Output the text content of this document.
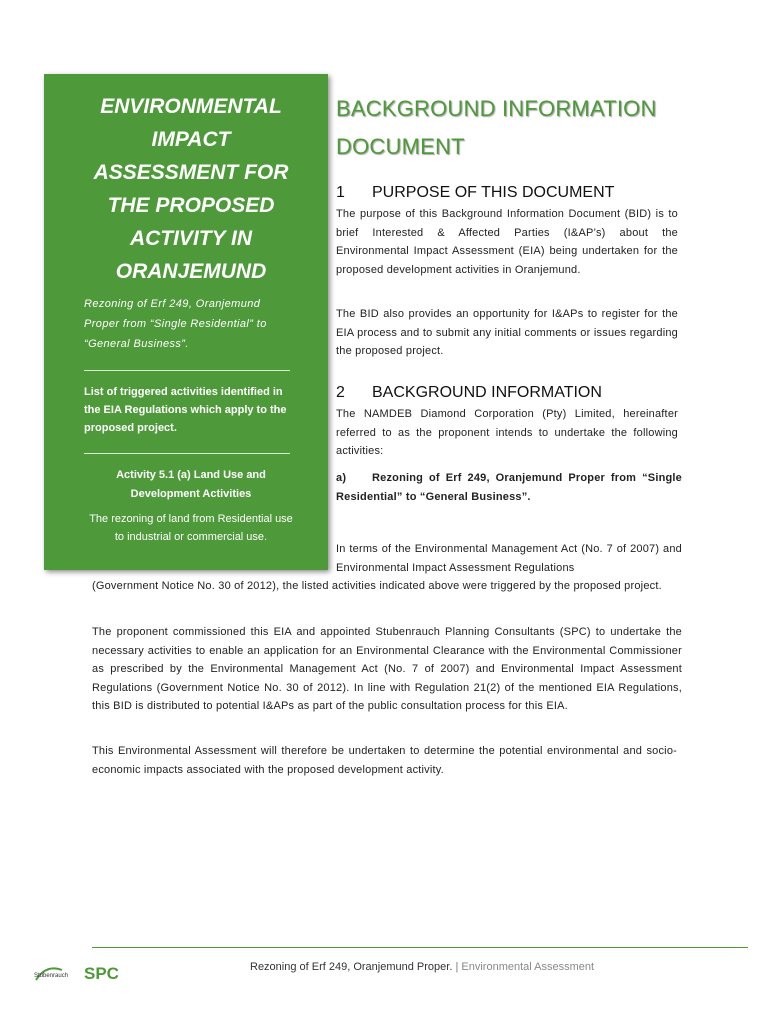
ENVIRONMENTAL
IMPACT
ASSESSMENT FOR
THE PROPOSED
ACTIVITY IN
ORANJEMUND
Rezoning of Erf 249, Oranjemund Proper from “Single Residential” to “General Business”.
List of triggered activities identified in the EIA Regulations which apply to the proposed project.
Activity 5.1 (a) Land Use and Development Activities
The rezoning of land from Residential use to industrial or commercial use.
BACKGROUND INFORMATION
DOCUMENT
1 PURPOSE OF THIS DOCUMENT
The purpose of this Background Information Document (BID) is to brief Interested & Affected Parties (I&AP’s) about the Environmental Impact Assessment (EIA) being undertaken for the proposed development activities in Oranjemund.
The BID also provides an opportunity for I&APs to register for the EIA process and to submit any initial comments or issues regarding the proposed project.
2 BACKGROUND INFORMATION
The NAMDEB Diamond Corporation (Pty) Limited, hereinafter referred to as the proponent intends to undertake the following activities:
a)	Rezoning of Erf 249, Oranjemund Proper from “Single Residential” to “General Business”.
In terms of the Environmental Management Act (No. 7 of 2007) and Environmental Impact Assessment Regulations
(Government Notice No. 30 of 2012), the listed activities indicated above were triggered by the proposed project.
The proponent commissioned this EIA and appointed Stubenrauch Planning Consultants (SPC) to undertake the necessary activities to enable an application for an Environmental Clearance with the Environmental Commissioner as prescribed by the Environmental Management Act (No. 7 of 2007) and Environmental Impact Assessment Regulations (Government Notice No. 30 of 2012). In line with Regulation 21(2) of the mentioned EIA Regulations, this BID is distributed to potential I&APs as part of the public consultation process for this EIA.
This Environmental Assessment will therefore be undertaken to determine the potential environmental and socio-economic impacts associated with the proposed development activity.
Stubenrauch SPC	Rezoning of Erf 249, Oranjemund Proper. | Environmental Assessment
